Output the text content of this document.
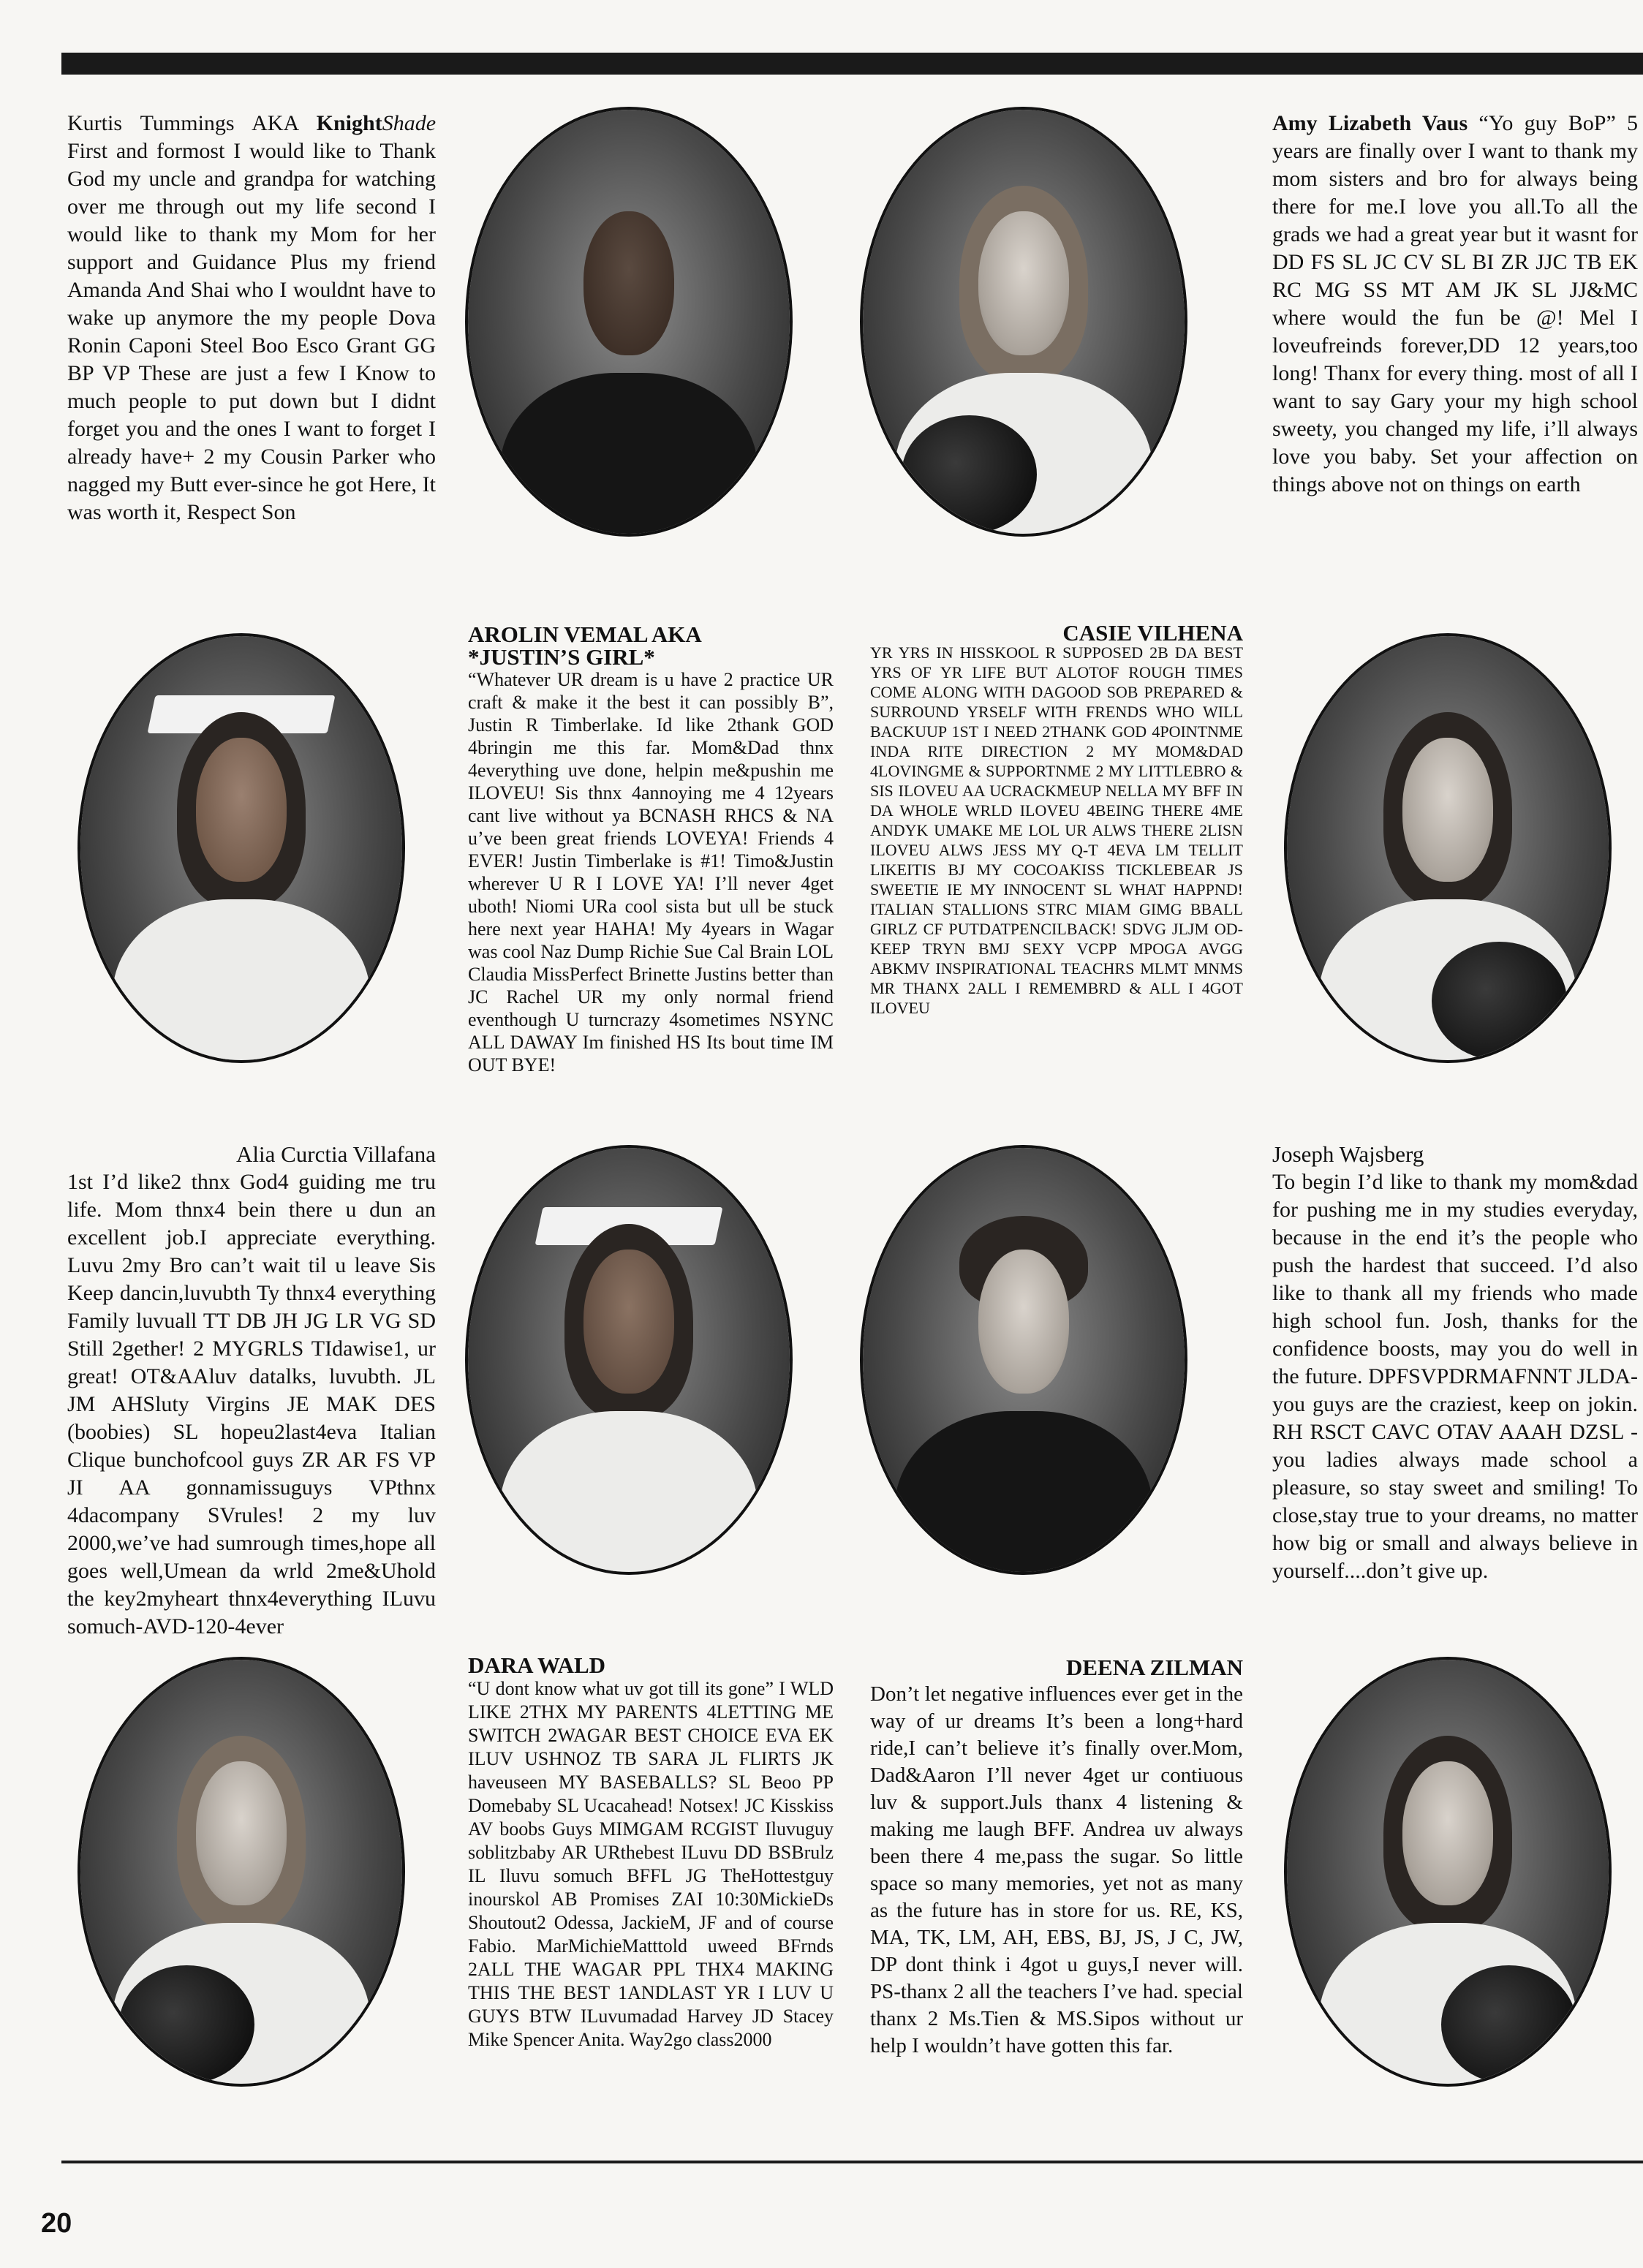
Kurtis Tummings AKA KnightShade First and formost I would like to Thank God my uncle and grandpa for watching over me through out my life second I would like to thank my Mom for her support and Guidance Plus my friend Amanda And Shai who I wouldnt have to wake up anymore the my people Dova Ronin Caponi Steel Boo Esco Grant GG BP VP These are just a few I Know to much people to put down but I didnt forget you and the ones I want to forget I already have+ 2 my Cousin Parker who nagged my Butt ever-since he got Here, It was worth it, Respect Son
Amy Lizabeth Vaus “Yo guy BoP” 5 years are finally over I want to thank my mom sisters and bro for always being there for me.I love you all.To all the grads we had a great year but it wasnt for DD FS SL JC CV SL BI ZR JJC TB EK RC MG SS MT AM JK SL JJ&MC where would the fun be @! Mel I loveufreinds forever,DD 12 years,too long! Thanx for every thing. most of all I want to say Gary your my high school sweety, you changed my life, i’ll always love you baby. Set your affection on things above not on things on earth
AROLIN VEMAL AKA
*JUSTIN’S GIRL*
“Whatever UR dream is u have 2 practice UR craft & make it the best it can possibly B”, Justin R Timberlake. Id like 2thank GOD 4bringin me this far. Mom&Dad thnx 4everything uve done, helpin me&pushin me ILOVEU! Sis thnx 4annoying me 4 12years cant live without ya BCNASH RHCS & NA u’ve been great friends LOVEYA! Friends 4 EVER! Justin Timberlake is #1! Timo&Justin wherever U R I LOVE YA! I’ll never 4get uboth! Niomi URa cool sista but ull be stuck here next year HAHA! My 4years in Wagar was cool Naz Dump Richie Sue Cal Brain LOL Claudia MissPerfect Brinette Justins better than JC Rachel UR my only normal friend eventhough U turncrazy 4sometimes NSYNC ALL DAWAY Im finished HS Its bout time IM OUT BYE!
CASIE VILHENA
YR YRS IN HISSKOOL R SUPPOSED 2B DA BEST YRS OF YR LIFE BUT ALOTOF ROUGH TIMES COME ALONG WITH DAGOOD SOB PREPARED & SURROUND YRSELF WITH FRENDS WHO WILL BACKUUP 1ST I NEED 2THANK GOD 4POINTNME INDA RITE DIRECTION 2 MY MOM&DAD 4LOVINGME & SUPPORTNME 2 MY LITTLEBRO & SIS ILOVEU AA UCRACKMEUP NELLA MY BFF IN DA WHOLE WRLD ILOVEU 4BEING THERE 4ME ANDYK UMAKE ME LOL UR ALWS THERE 2LISN ILOVEU ALWS JESS MY Q-T 4EVA LM TELLIT LIKEITIS BJ MY COCOAKISS TICKLEBEAR JS SWEETIE IE MY INNOCENT SL WHAT HAPPND! ITALIAN STALLIONS STRC MIAM GIMG BBALL GIRLZ CF PUTDATPENCILBACK! SDVG JLJM OD-KEEP TRYN BMJ SEXY VCPP MPOGA AVGG ABKMV INSPIRATIONAL TEACHRS MLMT MNMS MR THANX 2ALL I REMEMBRD & ALL I 4GOT ILOVEU
Alia Curctia Villafana
1st I’d like2 thnx God4 guiding me tru life. Mom thnx4 bein there u dun an excellent job.I appreciate everything. Luvu 2my Bro can’t wait til u leave Sis Keep dancin,luvubth Ty thnx4 everything Family luvuall TT DB JH JG LR VG SD Still 2gether! 2 MYGRLS TIdawise1, ur great! OT&AAluv datalks, luvubth. JL JM AHSluty Virgins JE MAK DES (boobies) SL hopeu2last4eva Italian Clique bunchofcool guys ZR AR FS VP JI AA gonnamissuguys VPthnx 4dacompany SVrules! 2 my luv 2000,we’ve had sumrough times,hope all goes well,Umean da wrld 2me&Uhold the key2myheart thnx4everything ILuvu somuch-AVD-120-4ever
Joseph Wajsberg
To begin I’d like to thank my mom&dad for pushing me in my studies everyday, because in the end it’s the people who push the hardest that succeed. I’d also like to thank all my friends who made high school fun. Josh, thanks for the confidence boosts, may you do well in the future. DPFSVPDRMAFNNT JLDA- you guys are the craziest, keep on jokin. RH RSCT CAVC OTAV AAAH DZSL - you ladies always made school a pleasure, so stay sweet and smiling! To close,stay true to your dreams, no matter how big or small and always believe in yourself....don’t give up.
DARA WALD
“U dont know what uv got till its gone” I WLD LIKE 2THX MY PARENTS 4LETTING ME SWITCH 2WAGAR BEST CHOICE EVA EK ILUV USHNOZ TB SARA JL FLIRTS JK haveuseen MY BASEBALLS? SL Beoo PP Domebaby SL Ucacahead! Notsex! JC Kisskiss AV boobs Guys MIMGAM RCGIST Iluvuguy soblitzbaby AR URthebest ILuvu DD BSBrulz IL Iluvu somuch BFFL JG TheHottestguy inourskol AB Promises ZAI 10:30MickieDs Shoutout2 Odessa, JackieM, JF and of course Fabio. MarMichieMatttold uweed BFrnds 2ALL THE WAGAR PPL THX4 MAKING THIS THE BEST 1ANDLAST YR I LUV U GUYS BTW ILuvumadad Harvey JD Stacey Mike Spencer Anita. Way2go class2000
DEENA ZILMAN
Don’t let negative influences ever get in the way of ur dreams It’s been a long+hard ride,I can’t believe it’s finally over.Mom, Dad&Aaron I’ll never 4get ur contiuous luv & support.Juls thanx 4 listening & making me laugh BFF. Andrea uv always been there 4 me,pass the sugar. So little space so many memories, yet not as many as the future has in store for us. RE, KS, MA, TK, LM, AH, EBS, BJ, JS, J C, JW, DP dont think i 4got u guys,I never will. PS-thanx 2 all the teachers I’ve had. special thanx 2 Ms.Tien & MS.Sipos without ur help I wouldn’t have gotten this far.
20
